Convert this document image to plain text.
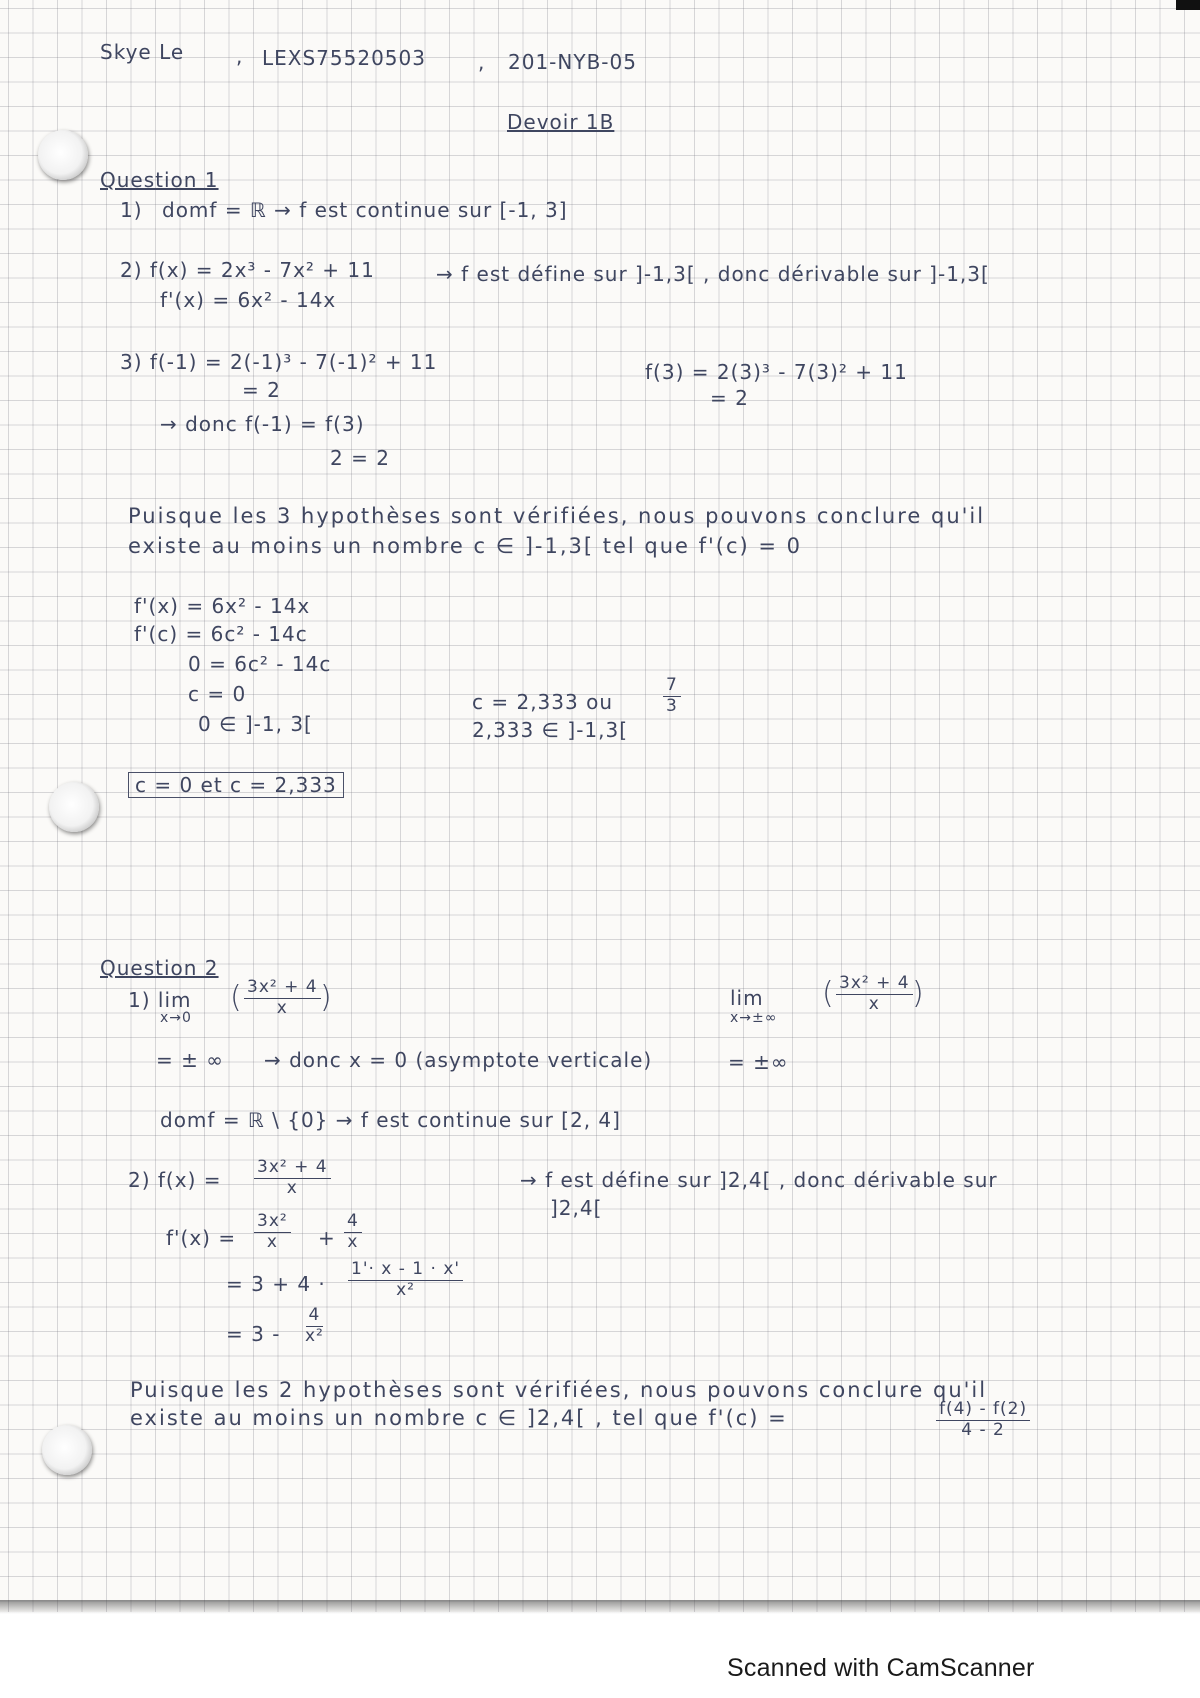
Skye Le	, LEXS75520503	, 201-NYB-05

Devoir 1B

Question 1

1) domf = ℝ → f est continue sur [-1, 3]

2) f(x) = 2x³ - 7x² + 11	→ f est défine sur ]-1,3[ , donc dérivable sur ]-1,3[

f'(x) = 6x² - 14x

3) f(-1) = 2(-1)³ - 7(-1)² + 11

= 2

f(3) = 2(3)³ - 7(3)² + 11

= 2

→ donc f(-1) = f(3)

2 = 2

Puisque les 3 hypothèses sont vérifiées, nous pouvons conclure qu'il

existe au moins un nombre c ∈ ]-1,3[ tel que f'(c) = 0

f'(x) = 6x² - 14x

f'(c) = 6c² - 14c

0 = 6c² - 14c

c = 0

0 ∈ ]-1, 3[

c = 2,333 ou	$\frac{7}{3}$

2,333 ∈ ]-1,3[

c = 0 et c = 2,333

Question 2

1) lim

x→0

( $\frac{\text{3x² + 4}}{x}$ )	lim

x→±∞

( $\frac{\text{3x² + 4}}{x}$ )

= ± ∞ → donc x = 0 (asymptote verticale)	= ±∞

domf = ℝ \ {0} → f est continue sur [2, 4]

2) $f(x) = \frac{\text{3x² + 4}}{x}$	→ f est défine sur ]2,4[ , donc dérivable sur

]2,4[

$f'(x) = \frac{\text{3x²}}{x} + \frac{4}{x}$

= $3 + 4 \cdot \frac{1'\cdot x - 1 \cdot x'}{\text{x²}}$

= $3 - \frac{4}{\text{x²}}$

Puisque les 2 hypothèses sont vérifiées, nous pouvons conclure qu'il

existe au moins un nombre c ∈ ]2,4[ , tel que f'(c) =	$\frac{f(4) - f(2)}{4 - 2}$

Scanned with CamScanner
